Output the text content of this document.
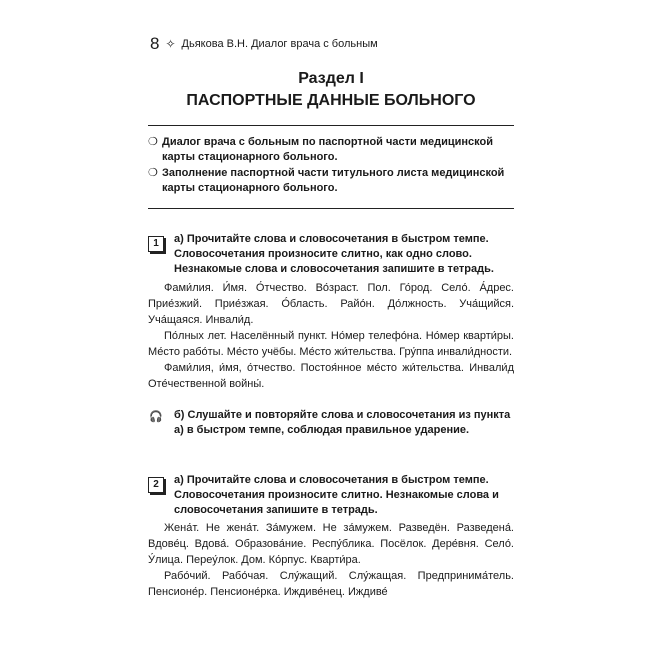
8 ✧ Дьякова В.Н. Диалог врача с больным
Раздел I
ПАСПОРТНЫЕ ДАННЫЕ БОЛЬНОГО
❍ Диалог врача с больным по паспортной части медицинской карты стационарного больного.
❍ Заполнение паспортной части титульного листа медицинской карты стационарного больного.
1	а) Прочитайте слова и словосочетания в быстром темпе. Словосочетания произносите слитно, как одно слово. Незнакомые слова и словосочетания запишите в тетрадь.

Фами́лия. И́мя. О́тчество. Во́зраст. Пол. Го́род. Село́. А́дрес. Прие́зжий. Прие́зжая. О́бласть. Райо́н. До́лжность. Уча́щийся. Уча́щаяся. Инвали́д.

По́лных лет. Населённый пункт. Но́мер телефо́на. Но́мер кварти́ры. Ме́сто рабо́ты. Ме́сто учёбы. Ме́сто жи́тельства. Гру́ппа инвали́дности.

Фами́лия, и́мя, о́тчество. Постоя́нное ме́сто жи́тельства. Инвали́д Оте́чественной войны́.

🎧 б) Слушайте и повторяйте слова и словосочетания из пункта а) в быстром темпе, соблюдая правильное ударение.
2	а) Прочитайте слова и словосочетания в быстром темпе. Словосочетания произносите слитно. Незнакомые слова и словосочетания запишите в тетрадь.

Жена́т. Не жена́т. За́мужем. Не за́мужем. Разведён. Разведена́. Вдове́ц. Вдова́. Образова́ние. Респу́блика. Посёлок. Дере́вня. Село́. У́лица. Переу́лок. Дом. Ко́рпус. Кварти́ра.

Рабо́чий. Рабо́чая. Слу́жащий. Слу́жащая. Предпринима́тель. Пенсионе́р. Пенсионе́рка. Иждиве́нец. Иждиве́
